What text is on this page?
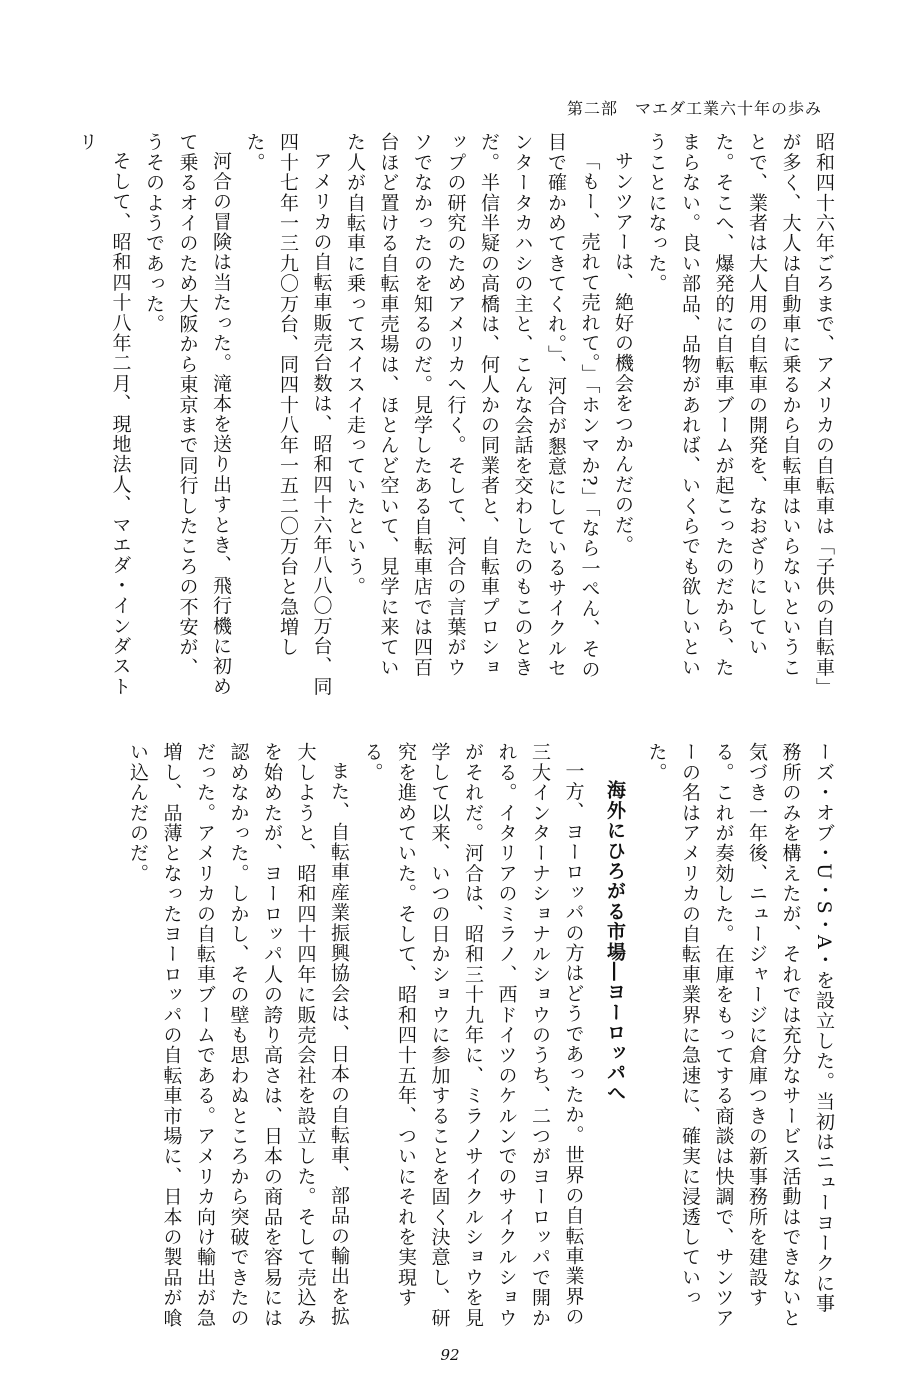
第二部　マエダ工業六十年の歩み

昭和四十六年ごろまで、アメリカの自転車は「子供の自転車」が多く、大人は自動車に乗るから自転車はいらないということで、業者は大人用の自転車の開発を、なおざりにしていた。そこへ、爆発的に自転車ブームが起こったのだから、たまらない。良い部品、品物があれば、いくらでも欲しいということになった。

サンツアーは、絶好の機会をつかんだのだ。

「もー、売れて売れて。」「ホンマか?」「なら一ぺん、その目で確かめてきてくれ。」、河合が懇意にしているサイクルセンタータカハシの主と、こんな会話を交わしたのもこのときだ。半信半疑の高橋は、何人かの同業者と、自転車プロショップの研究のためアメリカへ行く。そして、河合の言葉がウソでなかったのを知るのだ。見学したある自転車店では四百台ほど置ける自転車売場は、ほとんど空いて、見学に来ていた人が自転車に乗ってスイスイ走っていたという。

アメリカの自転車販売台数は、昭和四十六年八八〇万台、同四十七年一三九〇万台、同四十八年一五二〇万台と急増した。

河合の冒険は当たった。滝本を送り出すとき、飛行機に初めて乗るオイのため大阪から東京まで同行したころの不安が、うそのようであった。

そして、昭和四十八年二月、現地法人、マエダ・インダストリ

ーズ・オブ・U・S・A・を設立した。当初はニューヨークに事務所のみを構えたが、それでは充分なサービス活動はできないと気づき一年後、ニュージャージに倉庫つきの新事務所を建設する。これが奏効した。在庫をもってする商談は快調で、サンツアーの名はアメリカの自転車業界に急速に、確実に浸透していった。

海外にひろがる市場―ヨーロッパへ

一方、ヨーロッパの方はどうであったか。世界の自転車業界の三大インターナショナルショウのうち、二つがヨーロッパで開かれる。イタリアのミラノ、西ドイツのケルンでのサイクルショウがそれだ。河合は、昭和三十九年に、ミラノサイクルショウを見学して以来、いつの日かショウに参加することを固く決意し、研究を進めていた。そして、昭和四十五年、ついにそれを実現する。

また、自転車産業振興協会は、日本の自転車、部品の輸出を拡大しようと、昭和四十四年に販売会社を設立した。そして売込みを始めたが、ヨーロッパ人の誇り高さは、日本の商品を容易には認めなかった。しかし、その壁も思わぬところから突破できたのだった。アメリカの自転車ブームである。アメリカ向け輸出が急増し、品薄となったヨーロッパの自転車市場に、日本の製品が喰い込んだのだ。

92
